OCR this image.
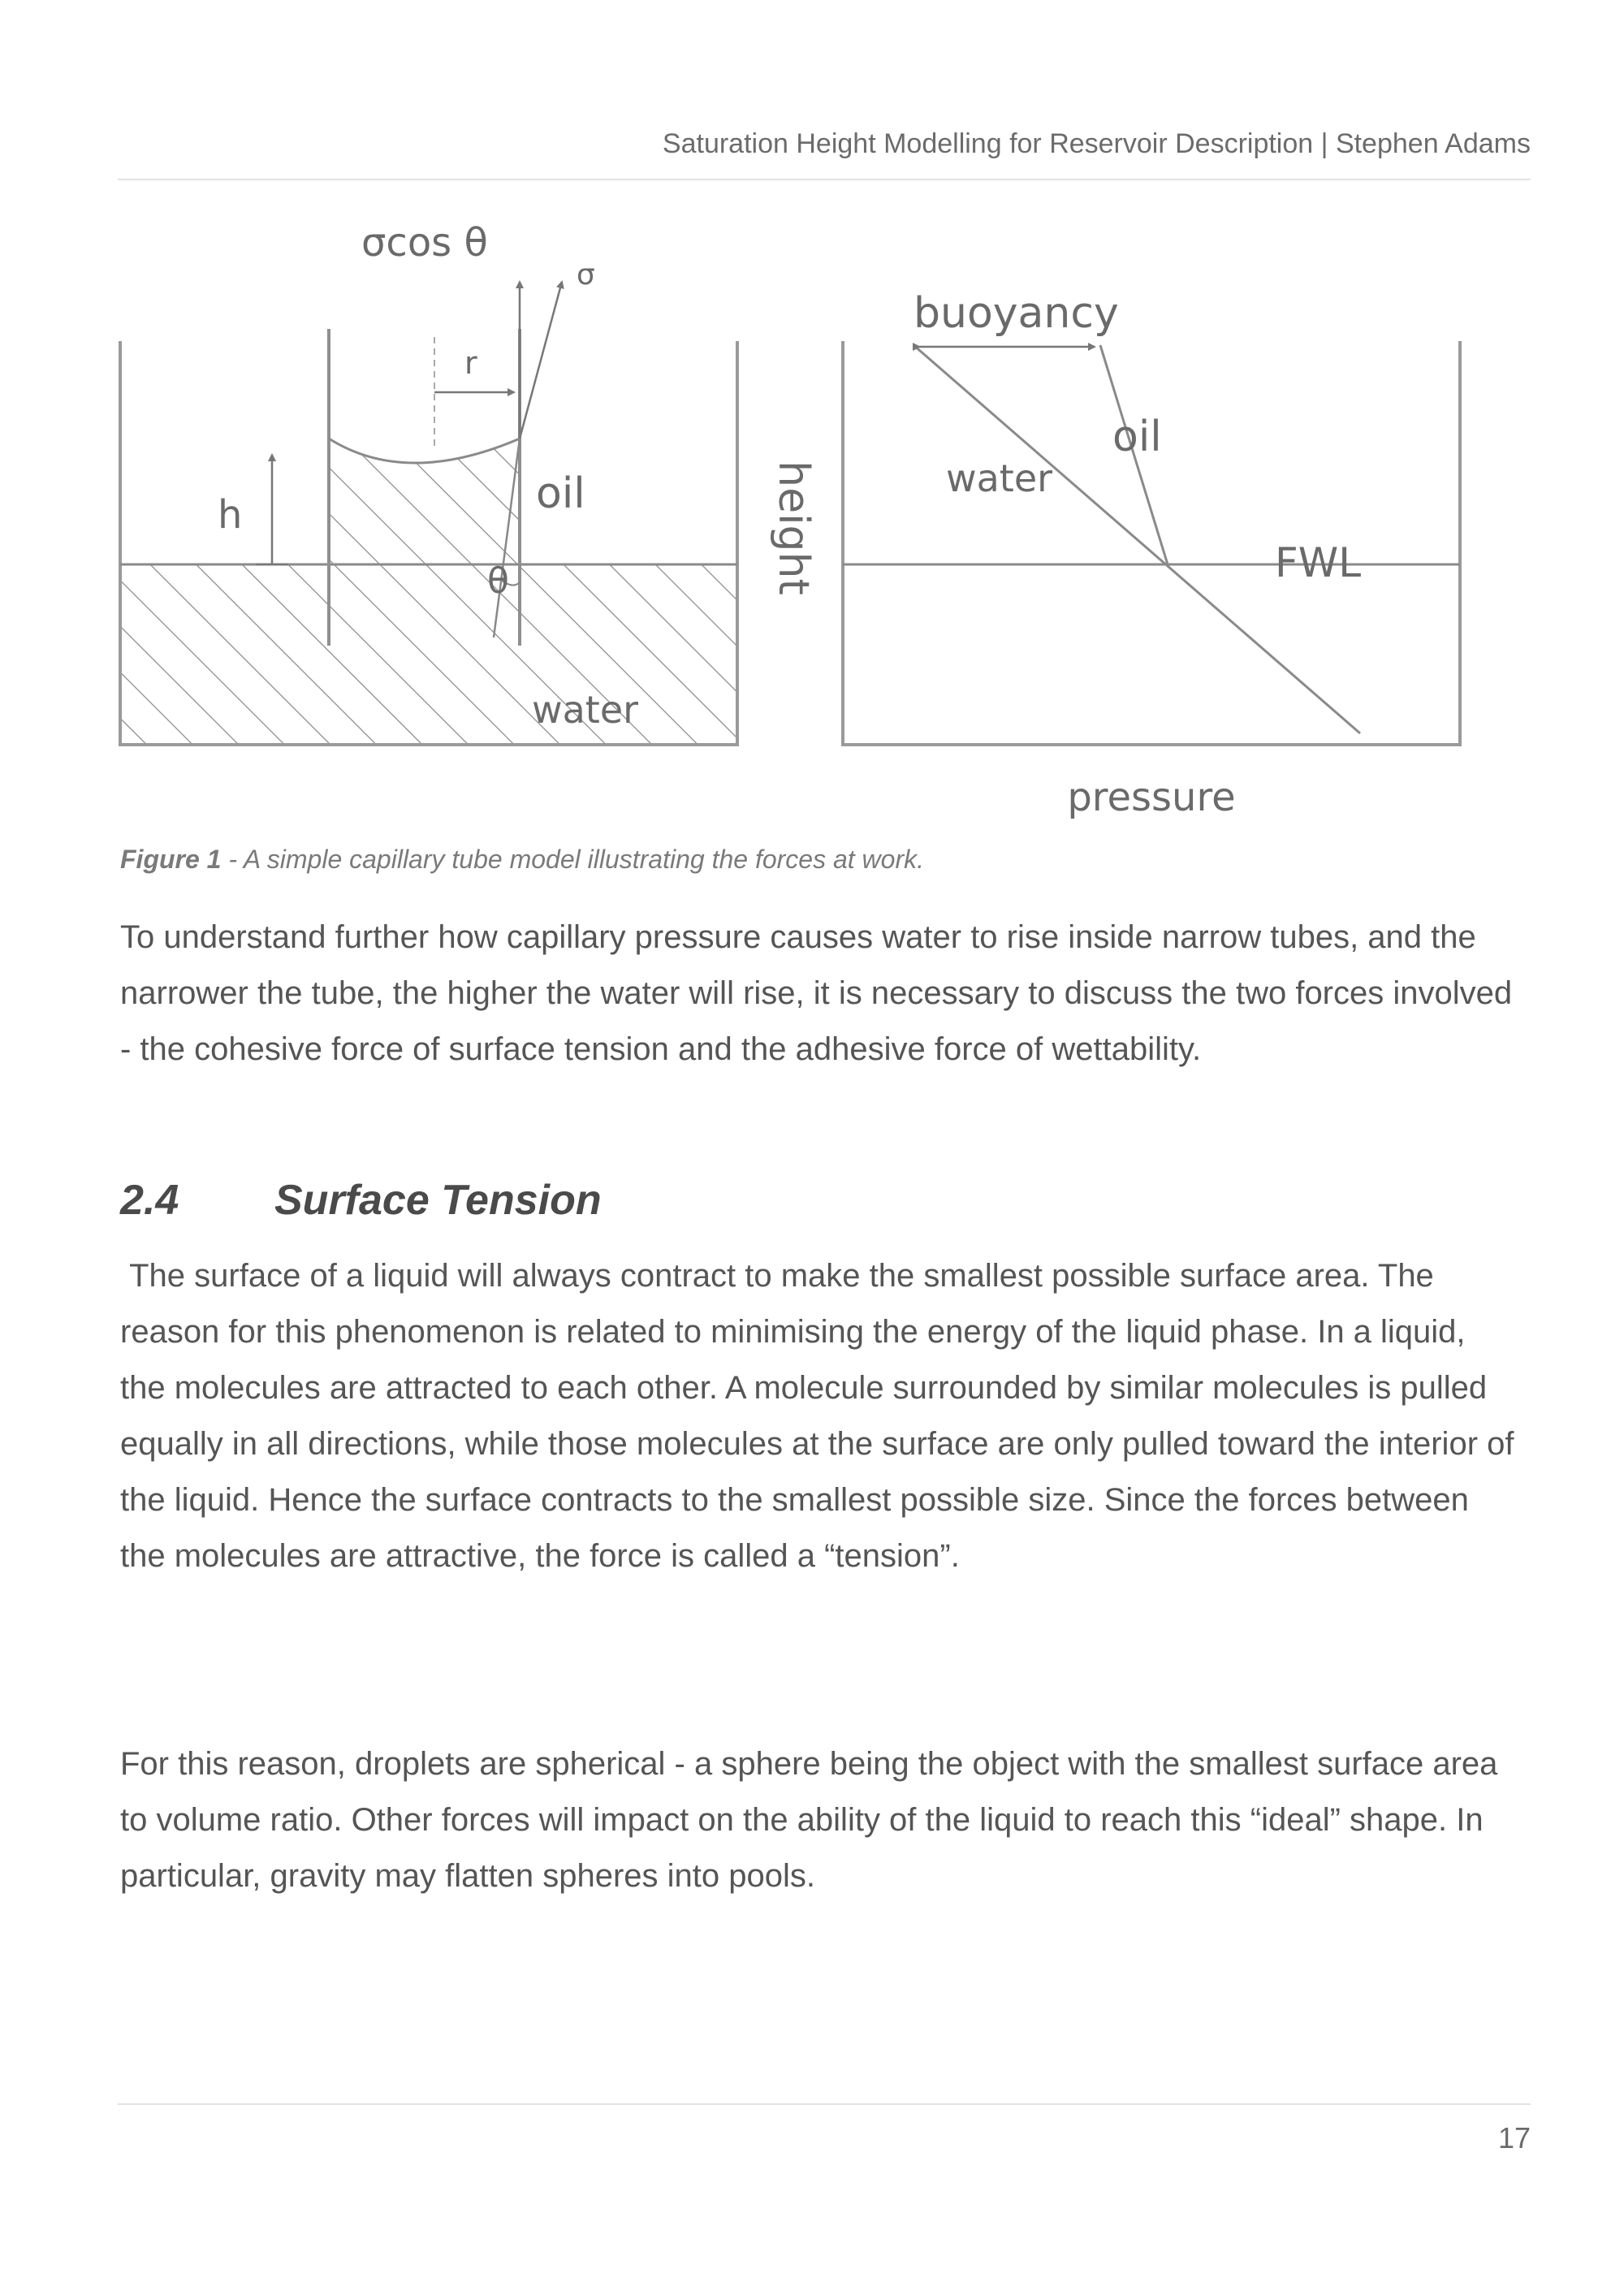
Saturation Height Modelling for Reservoir Description | Stephen Adams
σcos θ
σ
r
h	oil
θ
water
buoyancy
water
oil
FWL
height
pressure
Figure 1 - A simple capillary tube model illustrating the forces at work.

To understand further how capillary pressure causes water to rise inside narrow tubes, and the narrower the tube, the higher the water will rise, it is necessary to discuss the two forces involved - the cohesive force of surface tension and the adhesive force of wettability.

2.4 Surface Tension

The surface of a liquid will always contract to make the smallest possible surface area. The reason for this phenomenon is related to minimising the energy of the liquid phase. In a liquid, the molecules are attracted to each other. A molecule surrounded by similar molecules is pulled equally in all directions, while those molecules at the surface are only pulled toward the interior of the liquid. Hence the surface contracts to the smallest possible size. Since the forces between the molecules are attractive, the force is called a “tension”.

For this reason, droplets are spherical - a sphere being the object with the smallest surface area to volume ratio. Other forces will impact on the ability of the liquid to reach this “ideal” shape. In particular, gravity may flatten spheres into pools.

17
